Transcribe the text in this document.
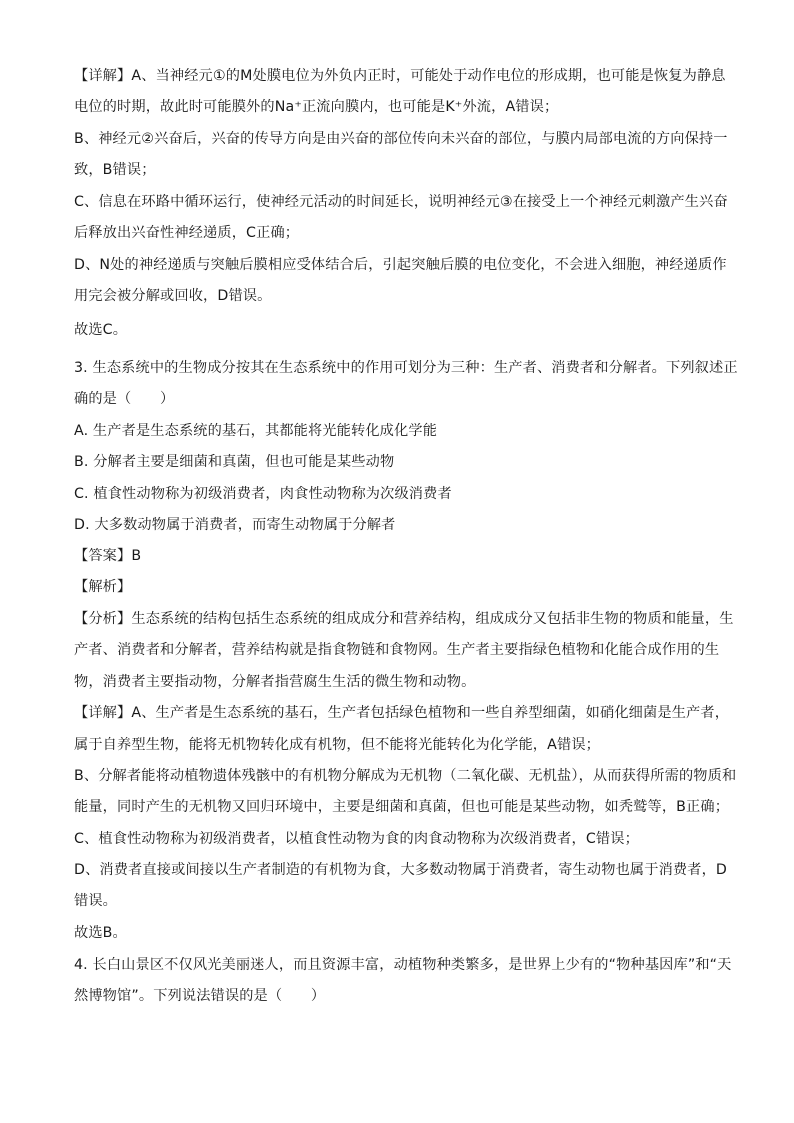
【详解】A、当神经元①的M处膜电位为外负内正时，可能处于动作电位的形成期，也可能是恢复为静息
电位的时期，故此时可能膜外的Na⁺正流向膜内，也可能是K⁺外流，A错误；
B、神经元②兴奋后，兴奋的传导方向是由兴奋的部位传向未兴奋的部位，与膜内局部电流的方向保持一
致，B错误；
C、信息在环路中循环运行，使神经元活动的时间延长，说明神经元③在接受上一个神经元刺激产生兴奋
后释放出兴奋性神经递质，C正确；
D、N处的神经递质与突触后膜相应受体结合后，引起突触后膜的电位变化，不会进入细胞，神经递质作
用完会被分解或回收，D错误。
故选C。
3. 生态系统中的生物成分按其在生态系统中的作用可划分为三种：生产者、消费者和分解者。下列叙述正
确的是（　　）
A. 生产者是生态系统的基石，其都能将光能转化成化学能
B. 分解者主要是细菌和真菌，但也可能是某些动物
C. 植食性动物称为初级消费者，肉食性动物称为次级消费者
D. 大多数动物属于消费者，而寄生动物属于分解者
【答案】B
【解析】
【分析】生态系统的结构包括生态系统的组成成分和营养结构，组成成分又包括非生物的物质和能量，生
产者、消费者和分解者，营养结构就是指食物链和食物网。生产者主要指绿色植物和化能合成作用的生
物，消费者主要指动物，分解者指营腐生生活的微生物和动物。
【详解】A、生产者是生态系统的基石，生产者包括绿色植物和一些自养型细菌，如硝化细菌是生产者，
属于自养型生物，能将无机物转化成有机物，但不能将光能转化为化学能，A错误；
B、分解者能将动植物遗体残骸中的有机物分解成为无机物（二氧化碳、无机盐），从而获得所需的物质和
能量，同时产生的无机物又回归环境中，主要是细菌和真菌，但也可能是某些动物，如秃鹫等，B正确；
C、植食性动物称为初级消费者，以植食性动物为食的肉食动物称为次级消费者，C错误；
D、消费者直接或间接以生产者制造的有机物为食，大多数动物属于消费者，寄生动物也属于消费者，D
错误。
故选B。
4. 长白山景区不仅风光美丽迷人，而且资源丰富，动植物种类繁多，是世界上少有的“物种基因库”和“天
然博物馆”。下列说法错误的是（　　）
